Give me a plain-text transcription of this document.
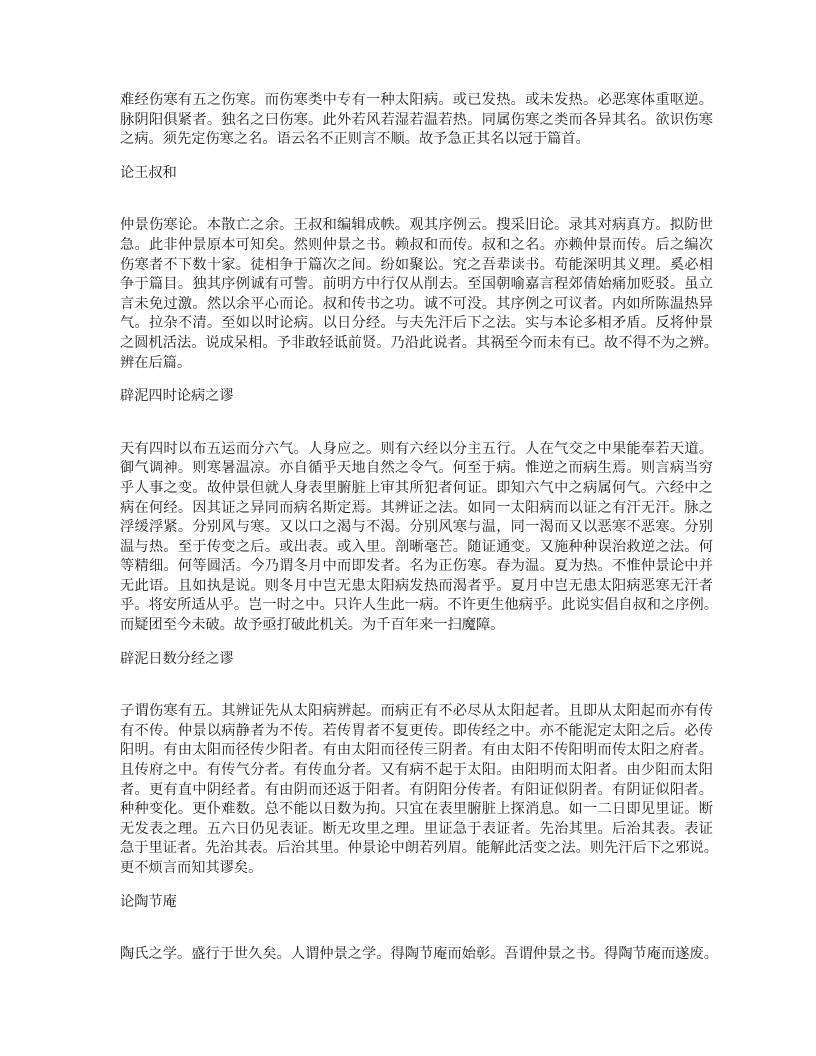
难经伤寒有五之伤寒。而伤寒类中专有一种太阳病。或已发热。或未发热。必恶寒体重呕逆。
脉阴阳俱紧者。独名之曰伤寒。此外若风若湿若温若热。同属伤寒之类而各异其名。欲识伤寒
之病。须先定伤寒之名。语云名不正则言不顺。故予急正其名以冠于篇首。
论王叔和
仲景伤寒论。本散亡之余。王叔和编辑成帙。观其序例云。搜采旧论。录其对病真方。拟防世
急。此非仲景原本可知矣。然则仲景之书。赖叔和而传。叔和之名。亦赖仲景而传。后之编次
伤寒者不下数十家。徒相争于篇次之间。纷如聚讼。究之吾辈读书。苟能深明其义理。奚必相
争于篇目。独其序例诚有可訾。前明方中行仅从削去。至国朝喻嘉言程郊倩始痛加贬驳。虽立
言未免过激。然以余平心而论。叔和传书之功。诚不可没。其序例之可议者。内如所陈温热异
气。拉杂不清。至如以时论病。以日分经。与夫先汗后下之法。实与本论多相矛盾。反将仲景
之圆机活法。说成呆相。予非敢轻诋前贤。乃沿此说者。其祸至今而未有已。故不得不为之辨。
辨在后篇。
辟泥四时论病之谬
天有四时以布五运而分六气。人身应之。则有六经以分主五行。人在气交之中果能奉若天道。
御气调神。则寒暑温凉。亦自循乎天地自然之令气。何至于病。惟逆之而病生焉。则言病当穷
乎人事之变。故仲景但就人身表里腑脏上审其所犯者何证。即知六气中之病属何气。六经中之
病在何经。因其证之异同而病名斯定焉。其辨证之法。如同一太阳病而以证之有汗无汗。脉之
浮缓浮紧。分别风与寒。又以口之渴与不渴。分别风寒与温，同一渴而又以恶寒不恶寒。分别
温与热。至于传变之后。或出表。或入里。剖晰毫芒。随证通变。又施种种误治救逆之法。何
等精细。何等圆活。今乃谓冬月中而即发者。名为正伤寒。春为温。夏为热。不惟仲景论中并
无此语。且如执是说。则冬月中岂无患太阳病发热而渴者乎。夏月中岂无患太阳病恶寒无汗者
乎。将安所适从乎。岂一时之中。只许人生此一病。不许更生他病乎。此说实倡自叔和之序例。
而疑团至今未破。故予亟打破此机关。为千百年来一扫魔障。
辟泥日数分经之谬
子谓伤寒有五。其辨证先从太阳病辨起。而病正有不必尽从太阳起者。且即从太阳起而亦有传
有不传。仲景以病静者为不传。若传胃者不复更传。即传经之中。亦不能泥定太阳之后。必传
阳明。有由太阳而径传少阳者。有由太阳而径传三阴者。有由太阳不传阳明而传太阳之府者。
且传府之中。有传气分者。有传血分者。又有病不起于太阳。由阳明而太阳者。由少阳而太阳
者。更有直中阴经者。有由阴而还返于阳者。有阴阳分传者。有阳证似阴者。有阴证似阳者。
种种变化。更仆难数。总不能以日数为拘。只宜在表里腑脏上探消息。如一二日即见里证。断
无发表之理。五六日仍见表证。断无攻里之理。里证急于表证者。先治其里。后治其表。表证
急于里证者。先治其表。后治其里。仲景论中朗若列眉。能解此活变之法。则先汗后下之邪说。
更不烦言而知其谬矣。
论陶节庵
陶氏之学。盛行于世久矣。人谓仲景之学。得陶节庵而始彰。吾谓仲景之书。得陶节庵而遂废。
